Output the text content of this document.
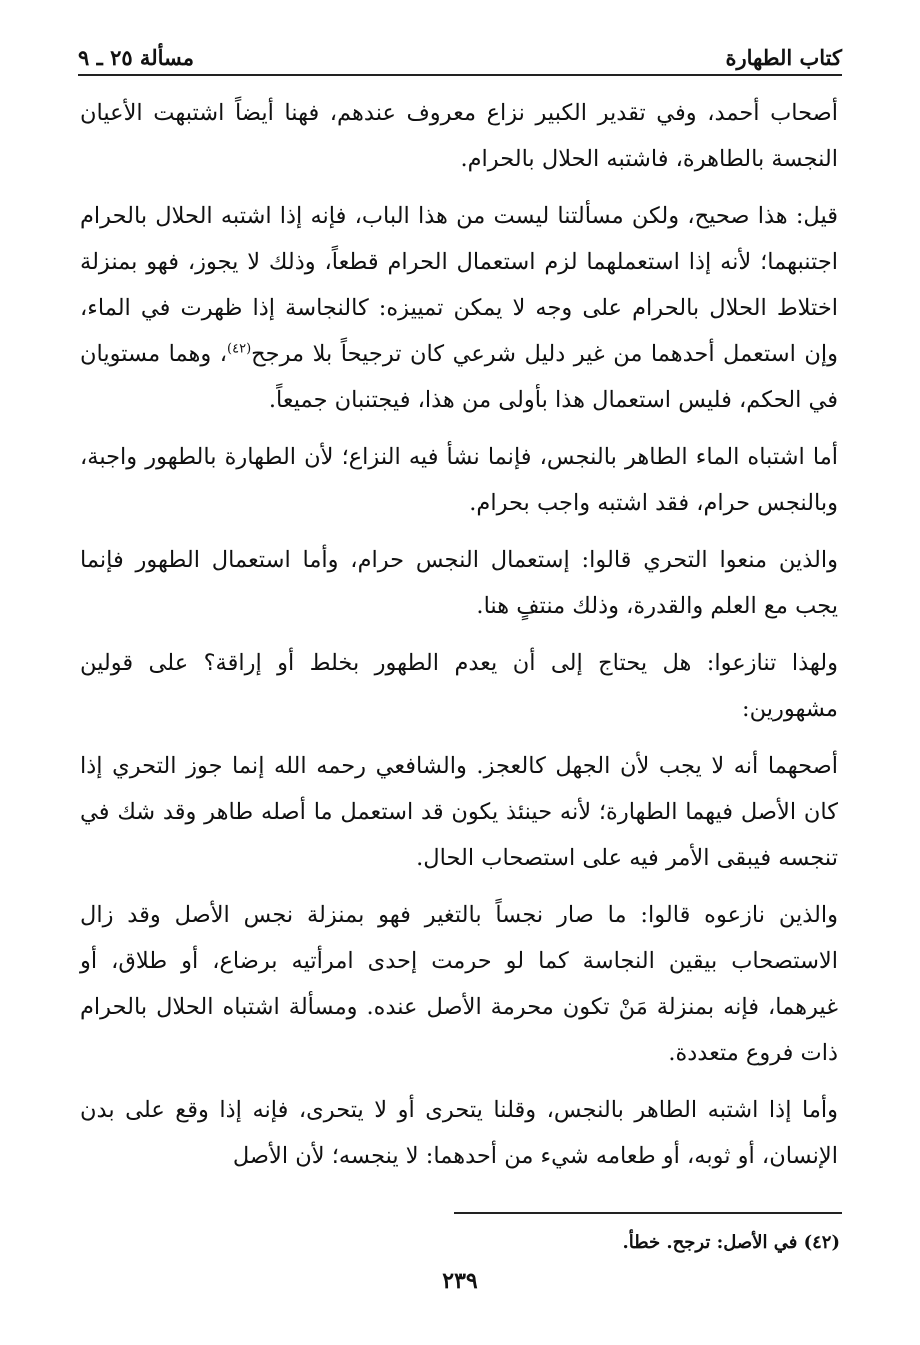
كتاب الطهارة
مسألة ٢٥ ـ ٩

أصحاب أحمد، وفي تقدير الكبير نزاع معروف عندهم، فهنا أيضاً اشتبهت الأعيان النجسة بالطاهرة، فاشتبه الحلال بالحرام.

قيل: هذا صحيح، ولكن مسألتنا ليست من هذا الباب، فإنه إذا اشتبه الحلال بالحرام اجتنبهما؛ لأنه إذا استعملهما لزم استعمال الحرام قطعاً، وذلك لا يجوز، فهو بمنزلة اختلاط الحلال بالحرام على وجه لا يمكن تمييزه: كالنجاسة إذا ظهرت في الماء، وإن استعمل أحدهما من غير دليل شرعي كان ترجيحاً بلا مرجح$^{(٤٢)}$، وهما مستويان في الحكم، فليس استعمال هذا بأولى من هذا، فيجتنبان جميعاً.

أما اشتباه الماء الطاهر بالنجس، فإنما نشأ فيه النزاع؛ لأن الطهارة بالطهور واجبة، وبالنجس حرام، فقد اشتبه واجب بحرام.

والذين منعوا التحري قالوا: إستعمال النجس حرام، وأما استعمال الطهور فإنما يجب مع العلم والقدرة، وذلك منتفٍ هنا.

ولهذا تنازعوا: هل يحتاج إلى أن يعدم الطهور بخلط أو إراقة؟ على قولين مشهورين:

أصحهما أنه لا يجب لأن الجهل كالعجز. والشافعي رحمه الله إنما جوز التحري إذا كان الأصل فيهما الطهارة؛ لأنه حينئذ يكون قد استعمل ما أصله طاهر وقد شك في تنجسه فيبقى الأمر فيه على استصحاب الحال.

والذين نازعوه قالوا: ما صار نجساً بالتغير فهو بمنزلة نجس الأصل وقد زال الاستصحاب بيقين النجاسة كما لو حرمت إحدى امرأتيه برضاع، أو طلاق، أو غيرهما، فإنه بمنزلة مَنْ تكون محرمة الأصل عنده. ومسألة اشتباه الحلال بالحرام ذات فروع متعددة.

وأما إذا اشتبه الطاهر بالنجس، وقلنا يتحرى أو لا يتحرى، فإنه إذا وقع على بدن الإنسان، أو ثوبه، أو طعامه شيء من أحدهما: لا ينجسه؛ لأن الأصل

(٤٢) في الأصل: ترجح. خطأ.
٢٣٩
